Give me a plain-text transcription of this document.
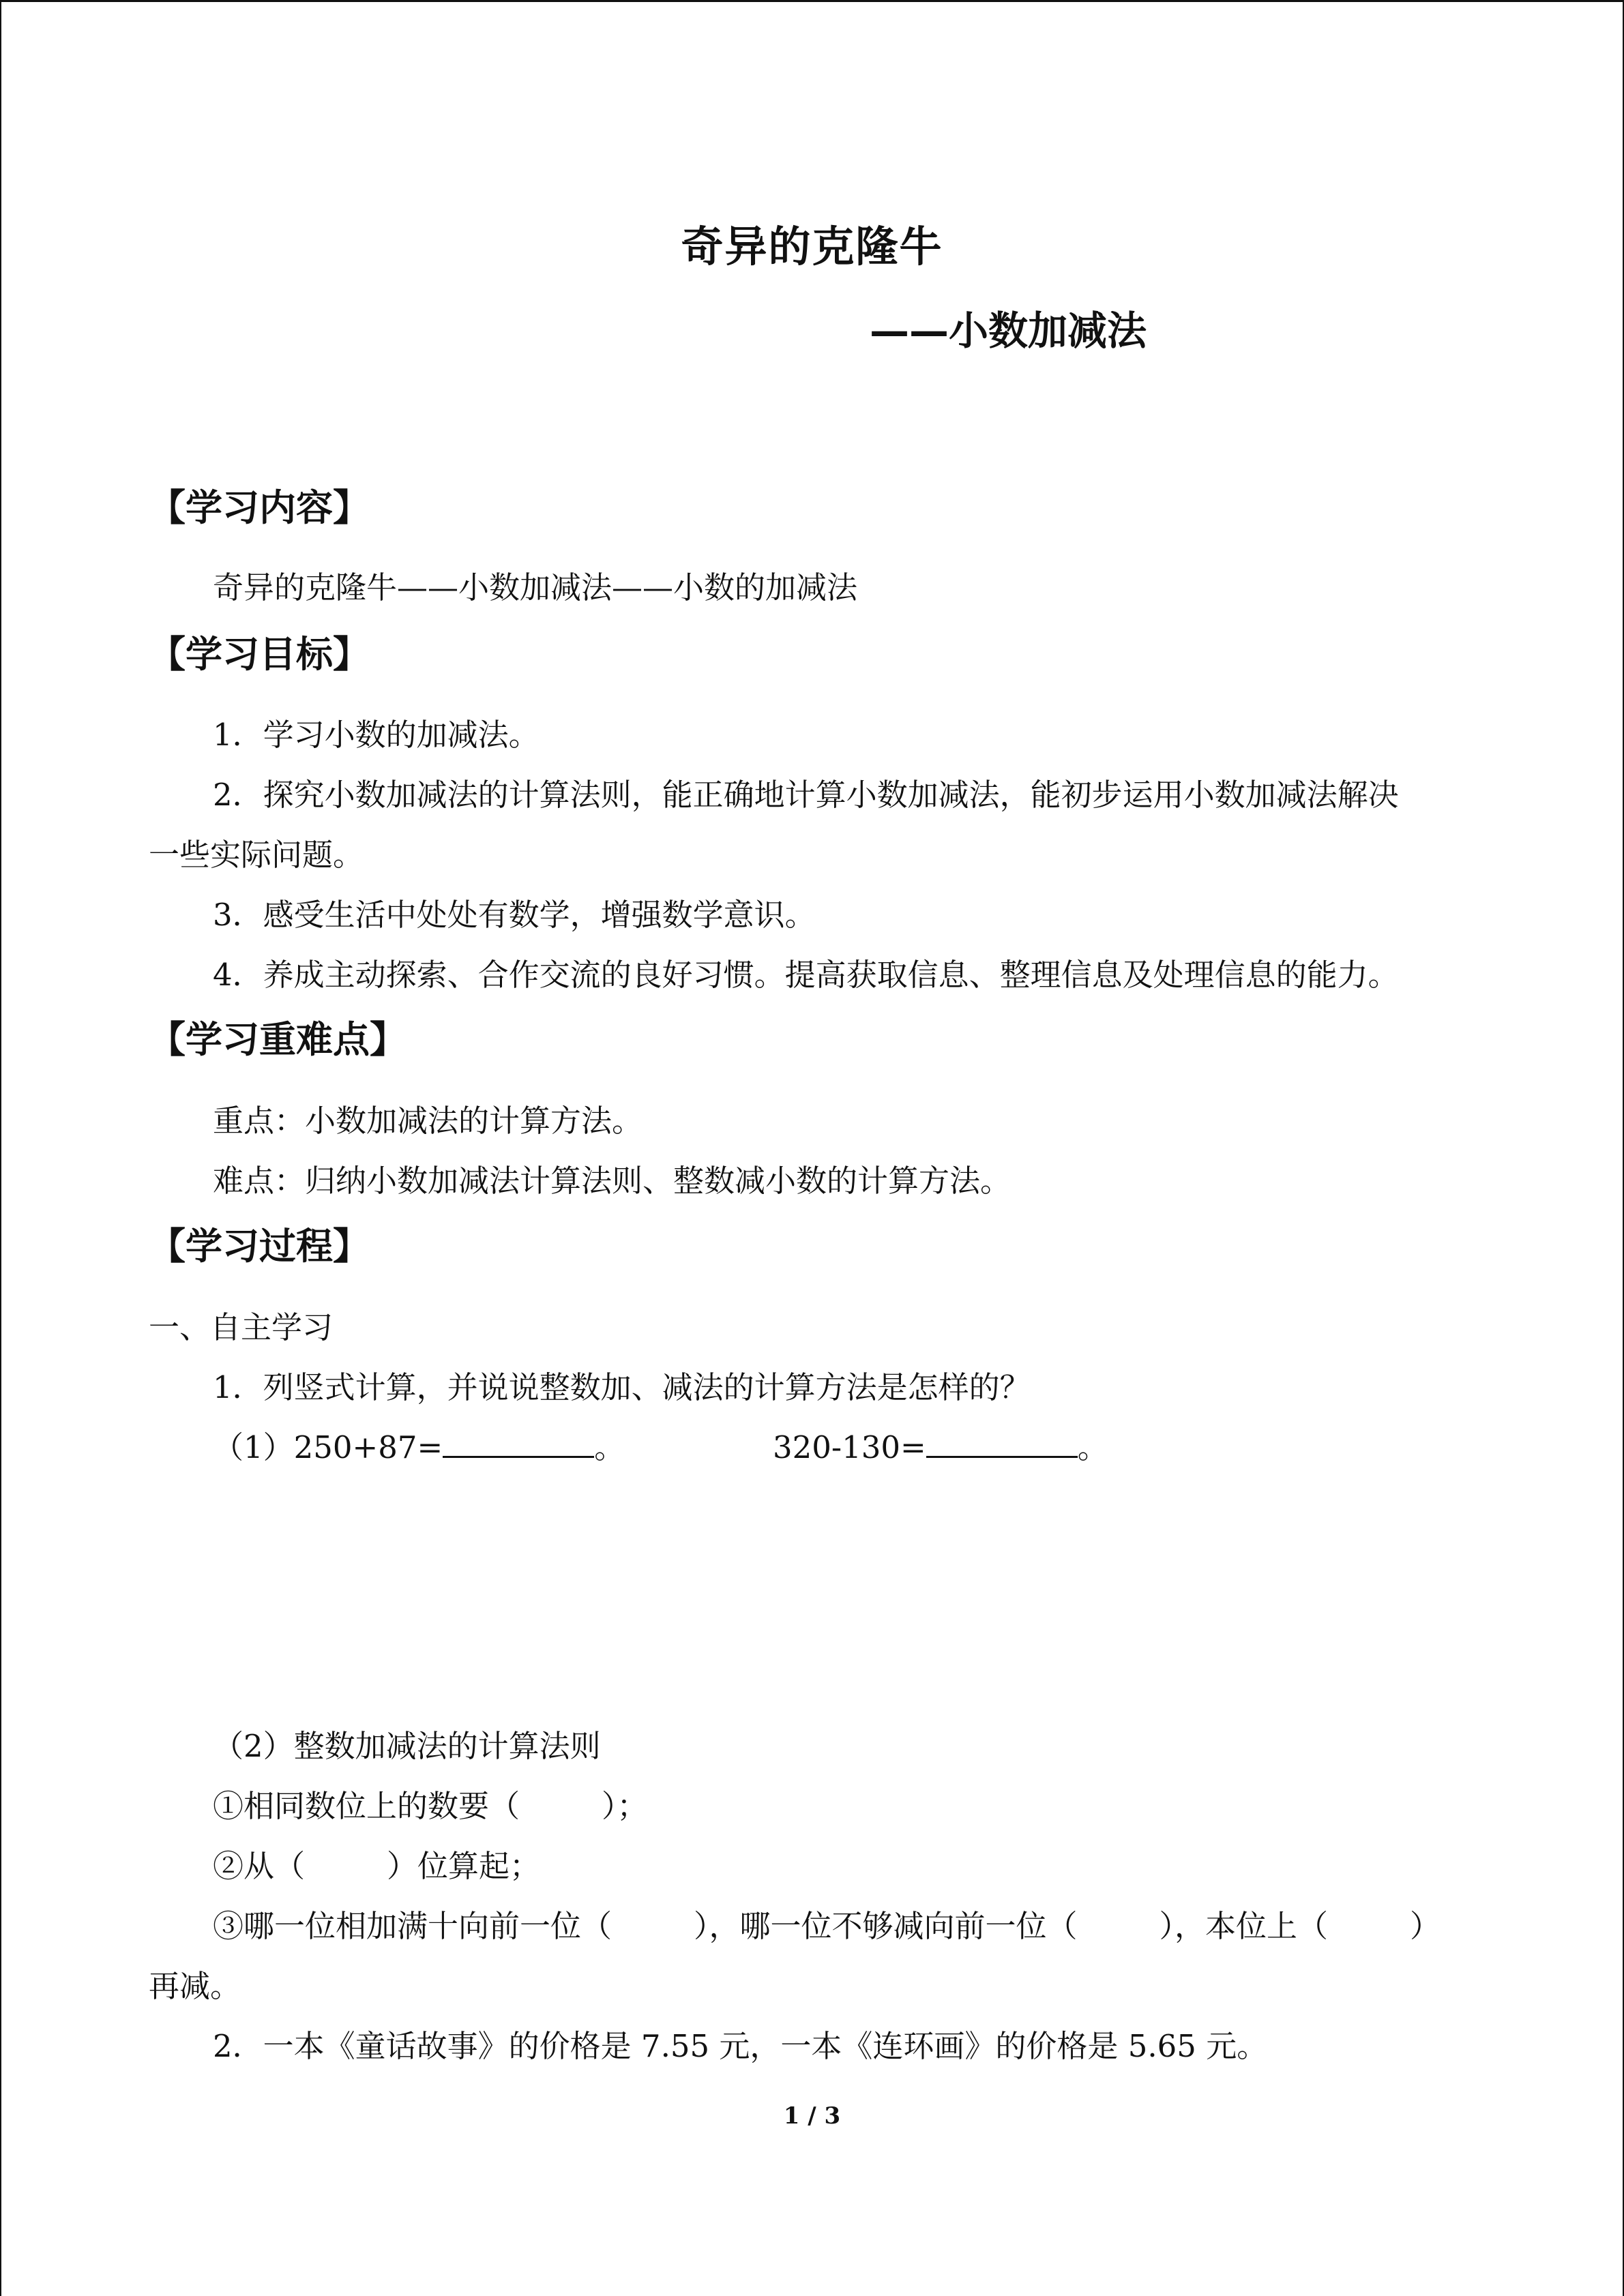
奇异的克隆牛
——小数加减法
【学习内容】

奇异的克隆牛——小数加减法——小数的加减法

【学习目标】

1．学习小数的加减法。

2．探究小数加减法的计算法则，能正确地计算小数加减法，能初步运用小数加减法解决

一些实际问题。

3．感受生活中处处有数学，增强数学意识。

4．养成主动探索、合作交流的良好习惯。提高获取信息、整理信息及处理信息的能力。

【学习重难点】

重点：小数加减法的计算方法。

难点：归纳小数加减法计算法则、整数减小数的计算方法。

【学习过程】

一、自主学习

1．列竖式计算，并说说整数加、减法的计算方法是怎样的？

（1）250+87=	。	320-130=	。

（2）整数加减法的计算法则

①相同数位上的数要（	）；

②从（	）位算起；

③哪一位相加满十向前一位（	），哪一位不够减向前一位（	），本位上（	）

再减。

2．一本《童话故事》的价格是 7.55 元，一本《连环画》的价格是 5.65 元。

1 / 3
